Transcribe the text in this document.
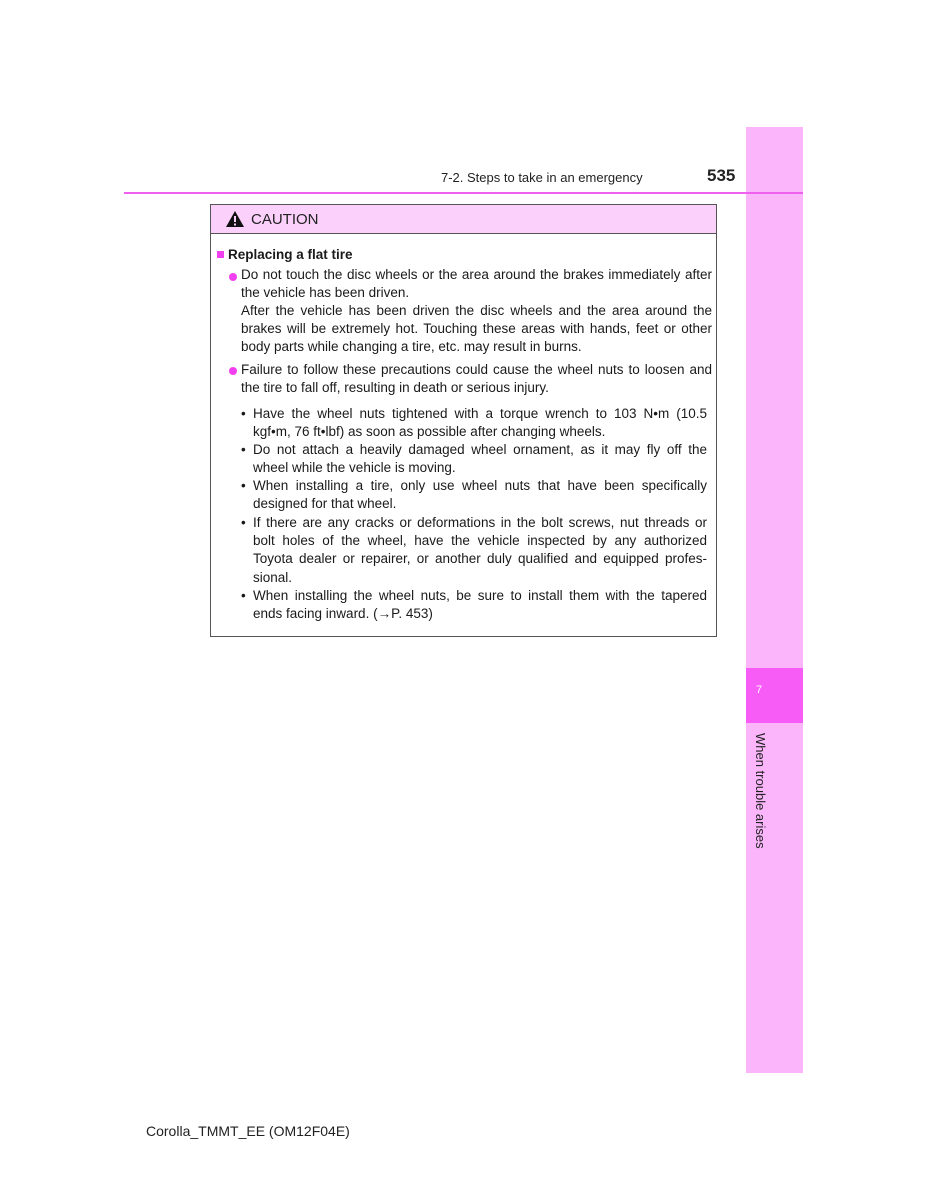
7
When trouble arises
7-2. Steps to take in an emergency	535
CAUTION
Replacing a flat tire
Do not touch the disc wheels or the area around the brakes immediately after the vehicle has been driven.
After the vehicle has been driven the disc wheels and the area around the brakes will be extremely hot. Touching these areas with hands, feet or other body parts while changing a tire, etc. may result in burns.
Failure to follow these precautions could cause the wheel nuts to loosen and the tire to fall off, resulting in death or serious injury.
• Have the wheel nuts tightened with a torque wrench to 103 N•m (10.5 kgf•m, 76 ft•lbf) as soon as possible after changing wheels.
• Do not attach a heavily damaged wheel ornament, as it may fly off the wheel while the vehicle is moving.
• When installing a tire, only use wheel nuts that have been specifically designed for that wheel.
• If there are any cracks or deformations in the bolt screws, nut threads or bolt holes of the wheel, have the vehicle inspected by any authorized Toyota dealer or repairer, or another duly qualified and equipped profes-sional.
• When installing the wheel nuts, be sure to install them with the tapered ends facing inward. (→P. 453)
Corolla_TMMT_EE (OM12F04E)
